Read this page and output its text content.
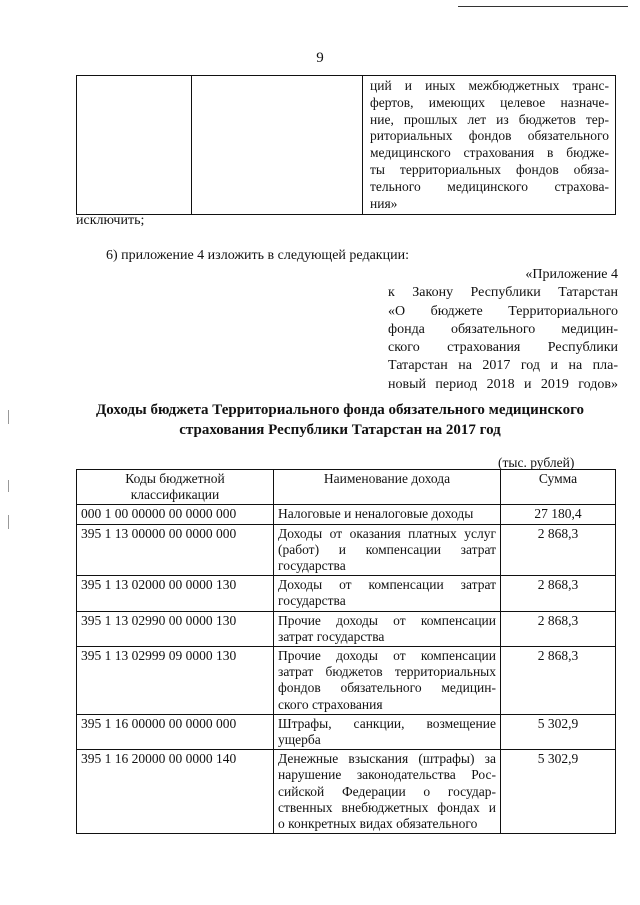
9

ций и иных межбюджетных транс-
фертов, имеющих целевое назначе-
ние, прошлых лет из бюджетов тер-
риториальных фондов обязательного
медицинского страхования в бюдже-
ты территориальных фондов обяза-
тельного медицинского страхова-
ния»
исключить;
6) приложение 4 изложить в следующей редакции:
«Приложение 4
к Закону Республики Татарстан
«О бюджете Территориального
фонда обязательного медицин-
ского страхования Республики
Татарстан на 2017 год и на пла-
новый период 2018 и 2019 годов»
Доходы бюджета Территориального фонда обязательного медицинского
страхования Республики Татарстан на 2017 год
(тыс. рублей)
Коды бюджетной
классификации	Наименование дохода	Сумма
000 1 00 00000 00 0000 000	Налоговые и неналоговые доходы	27 180,4
395 1 13 00000 00 0000 000	Доходы от оказания платных услуг
(работ) и компенсации затрат
государства	2 868,3
395 1 13 02000 00 0000 130	Доходы от компенсации затрат
государства	2 868,3
395 1 13 02990 00 0000 130	Прочие доходы от компенсации
затрат государства	2 868,3
395 1 13 02999 09 0000 130	Прочие доходы от компенсации
затрат бюджетов территориальных
фондов обязательного медицин-
ского страхования	2 868,3
395 1 16 00000 00 0000 000	Штрафы, санкции, возмещение
ущерба	5 302,9
395 1 16 20000 00 0000 140	Денежные взыскания (штрафы) за
нарушение законодательства Рос-
сийской Федерации о государ-
ственных внебюджетных фондах и
о конкретных видах обязательного	5 302,9
